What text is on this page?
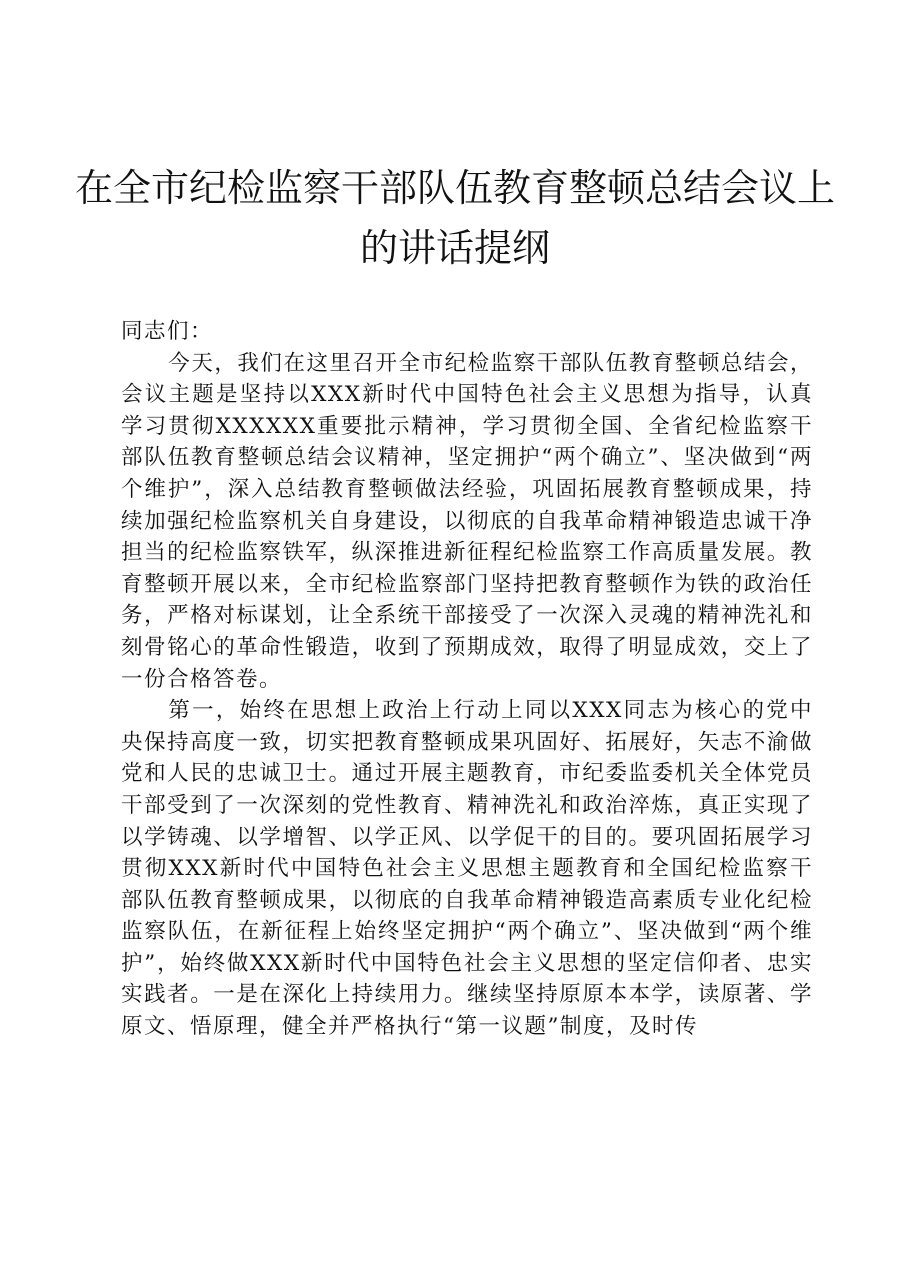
在全市纪检监察干部队伍教育整顿总结会议上
的讲话提纲

同志们：

今天，我们在这里召开全市纪检监察干部队伍教育整顿总结会，会议主题是坚持以XXX新时代中国特色社会主义思想为指导，认真学习贯彻XXXXXX重要批示精神，学习贯彻全国、全省纪检监察干部队伍教育整顿总结会议精神，坚定拥护“两个确立”、坚决做到“两个维护”，深入总结教育整顿做法经验，巩固拓展教育整顿成果，持续加强纪检监察机关自身建设，以彻底的自我革命精神锻造忠诚干净担当的纪检监察铁军，纵深推进新征程纪检监察工作高质量发展。教育整顿开展以来，全市纪检监察部门坚持把教育整顿作为铁的政治任务，严格对标谋划，让全系统干部接受了一次深入灵魂的精神洗礼和刻骨铭心的革命性锻造，收到了预期成效，取得了明显成效，交上了一份合格答卷。

第一，始终在思想上政治上行动上同以XXX同志为核心的党中央保持高度一致，切实把教育整顿成果巩固好、拓展好，矢志不渝做党和人民的忠诚卫士。通过开展主题教育，市纪委监委机关全体党员干部受到了一次深刻的党性教育、精神洗礼和政治淬炼，真正实现了以学铸魂、以学增智、以学正风、以学促干的目的。要巩固拓展学习贯彻XXX新时代中国特色社会主义思想主题教育和全国纪检监察干部队伍教育整顿成果，以彻底的自我革命精神锻造高素质专业化纪检监察队伍，在新征程上始终坚定拥护“两个确立”、坚决做到“两个维护”，始终做XXX新时代中国特色社会主义思想的坚定信仰者、忠实实践者。一是在深化上持续用力。继续坚持原原本本学，读原著、学原文、悟原理，健全并严格执行“第一议题”制度，及时传
